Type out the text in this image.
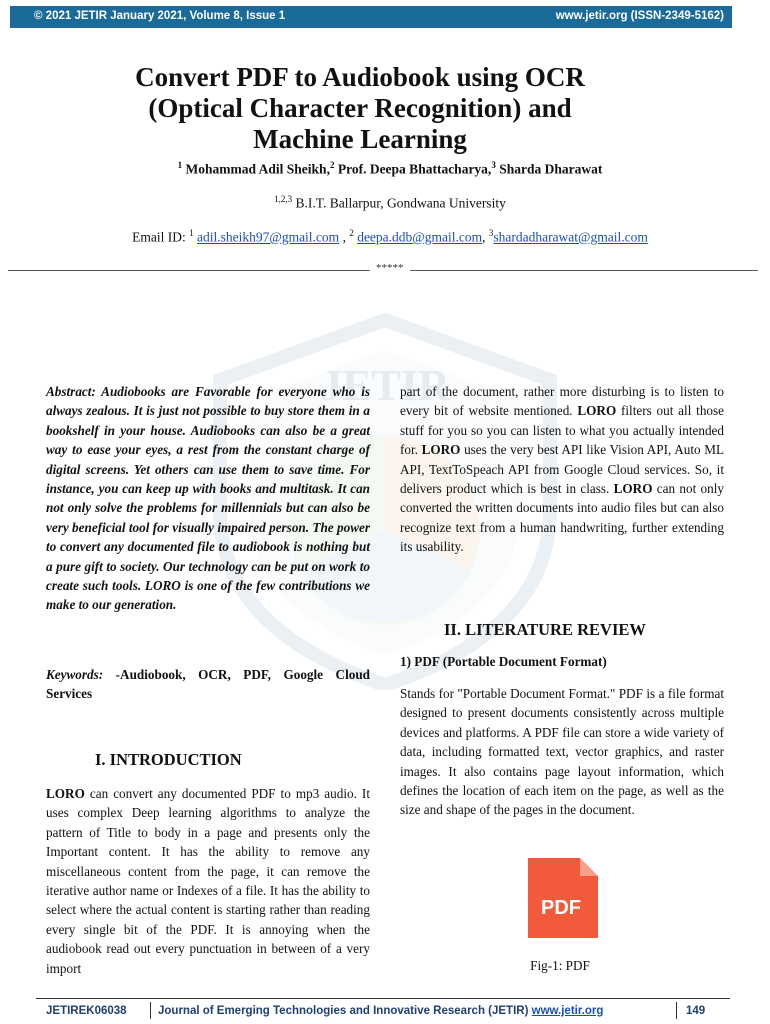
© 2021 JETIR January 2021, Volume 8, Issue 1	www.jetir.org (ISSN-2349-5162)
JETIR
Convert PDF to Audiobook using OCR
(Optical Character Recognition) and
Machine Learning
$^1$ Mohammad Adil Sheikh,$^2$ Prof. Deepa Bhattacharya,$^3$ Sharda Dharawat
$^{1,2,3}$ B.I.T. Ballarpur, Gondwana University
Email ID: $^1$ adil.sheikh97@gmail.com , $^2$ deepa.ddb@gmail.com, $^3$shardadharawat@gmail.com
*****
Abstract: Audiobooks are Favorable for everyone who is always zealous. It is just not possible to buy store them in a bookshelf in your house. Audiobooks can also be a great way to ease your eyes, a rest from the constant charge of digital screens. Yet others can use them to save time. For instance, you can keep up with books and multitask. It can not only solve the problems for millennials but can also be very beneficial tool for visually impaired person. The power to convert any documented file to audiobook is nothing but a pure gift to society. Our technology can be put on work to create such tools. LORO is one of the few contributions we make to our generation.
Keywords: -Audiobook, OCR, PDF, Google Cloud Services
I. INTRODUCTION
LORO can convert any documented PDF to mp3 audio. It uses complex Deep learning algorithms to analyze the pattern of Title to body in a page and presents only the Important content. It has the ability to remove any miscellaneous content from the page, it can remove the iterative author name or Indexes of a file. It has the ability to select where the actual content is starting rather than reading every single bit of the PDF. It is annoying when the audiobook read out every punctuation in between of a very import
part of the document, rather more disturbing is to listen to every bit of website mentioned. LORO filters out all those stuff for you so you can listen to what you actually intended for. LORO uses the very best API like Vision API, Auto ML API, TextToSpeach API from Google Cloud services. So, it delivers product which is best in class. LORO can not only converted the written documents into audio files but can also recognize text from a human handwriting, further extending its usability.
II. LITERATURE REVIEW
1) PDF (Portable Document Format)
Stands for "Portable Document Format." PDF is a file format designed to present documents consistently across multiple devices and platforms. A PDF file can store a wide variety of data, including formatted text, vector graphics, and raster images. It also contains page layout information, which defines the location of each item on the page, as well as the size and shape of the pages in the document.
PDF
Fig-1: PDF
JETIREK06038	Journal of Emerging Technologies and Innovative Research (JETIR) www.jetir.org	149
